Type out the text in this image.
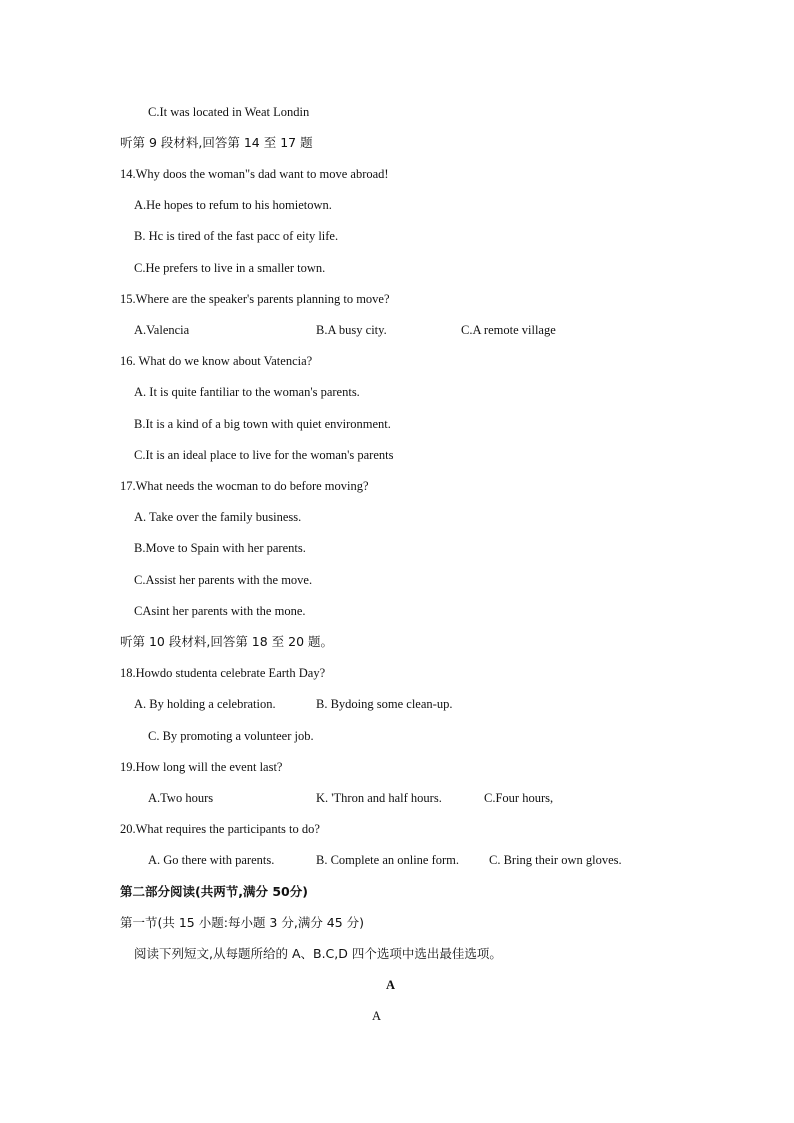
C.It was located in Weat Londin
听第 9 段材料,回答第 14 至 17 题
14.Why doos the woman"s dad want to move abroad!
A.He hopes to refum to his homietown.
B. Hc is tired of the fast pacc of eity life.
C.He prefers to live in a smaller town.
15.Where are the speaker's parents planning to move?
A.Valencia	B.A busy city.	C.A remote village
16. What do we know about Vatencia?
A. It is quite fantiliar to the woman's parents.
B.It is a kind of a big town with quiet environment.
C.It is an ideal place to live for the woman's parents
17.What needs the wocman to do before moving?
A. Take over the family business.
B.Move to Spain with her parents.
C.Assist her parents with the move.
CAsint her parents with the mone.
听第 10 段材料,回答第 18 至 20 题。
18.Howdo studenta celebrate Earth Day?
A. By holding a celebration.	B. Bydoing some clean-up.
C. By promoting a volunteer job.
19.How long will the event last?
A.Two hours	K. 'Thron and half hours.	C.Four hours,
20.What requires the participants to do?
A. Go there with parents.	B. Complete an online form. C. Bring their own gloves.
第二部分阅读(共两节,满分 50分)
第一节(共 15 小题:每小题 3 分,满分 45 分)
阅读下列短文,从每题所给的 A、B.C,D 四个选项中选出最佳选项。
A
A
